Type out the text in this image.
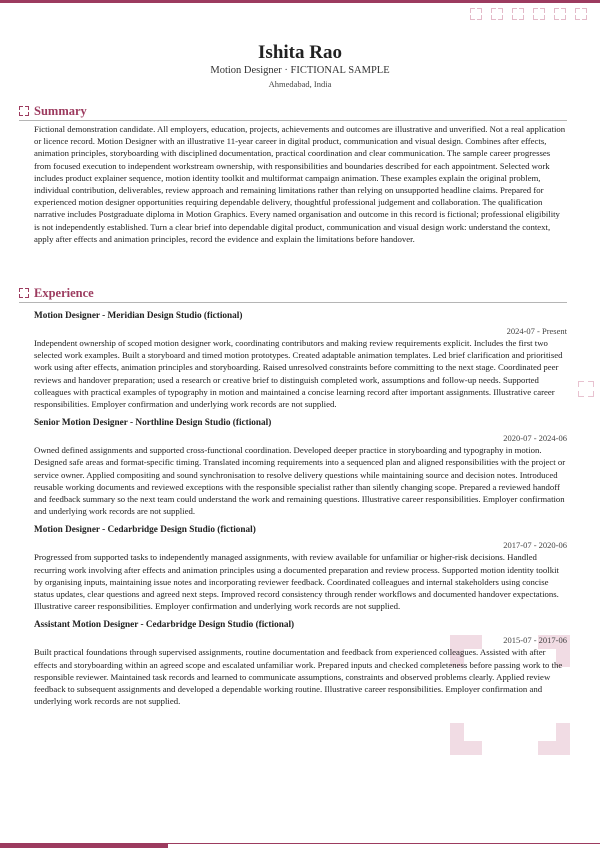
Ishita Rao
Motion Designer · FICTIONAL SAMPLE
Ahmedabad, India
Summary
Fictional demonstration candidate. All employers, education, projects, achievements and outcomes are illustrative and unverified. Not a real application or licence record. Motion Designer with an illustrative 11-year career in digital product, communication and visual design. Combines after effects, animation principles, storyboarding with disciplined documentation, practical coordination and clear communication. The sample career progresses from focused execution to independent workstream ownership, with responsibilities and boundaries described for each appointment. Selected work includes product explainer sequence, motion identity toolkit and multiformat campaign animation. These examples explain the original problem, individual contribution, deliverables, review approach and remaining limitations rather than relying on unsupported headline claims. Prepared for experienced motion designer opportunities requiring dependable delivery, thoughtful professional judgement and collaboration. The qualification narrative includes Postgraduate diploma in Motion Graphics. Every named organisation and outcome in this record is fictional; professional eligibility is not independently established. Turn a clear brief into dependable digital product, communication and visual design work: understand the context, apply after effects and animation principles, record the evidence and explain the limitations before handover.
Experience
Motion Designer - Meridian Design Studio (fictional)
2024-07 - Present
Independent ownership of scoped motion designer work, coordinating contributors and making review requirements explicit. Includes the first two selected work examples. Built a storyboard and timed motion prototypes. Created adaptable animation templates. Led brief clarification and prioritised work using after effects, animation principles and storyboarding. Raised unresolved constraints before committing to the next stage. Coordinated peer reviews and handover preparation; used a research or creative brief to distinguish completed work, assumptions and follow-up needs. Supported colleagues with practical examples of typography in motion and maintained a concise learning record after important assignments. Illustrative career responsibilities. Employer confirmation and underlying work records are not supplied.
Senior Motion Designer - Northline Design Studio (fictional)
2020-07 - 2024-06
Owned defined assignments and supported cross-functional coordination. Developed deeper practice in storyboarding and typography in motion. Designed safe areas and format-specific timing. Translated incoming requirements into a sequenced plan and aligned responsibilities with the project or service owner. Applied compositing and sound synchronisation to resolve delivery questions while maintaining source and decision notes. Introduced reusable working documents and reviewed exceptions with the responsible specialist rather than silently changing scope. Prepared a reviewed handoff and feedback summary so the next team could understand the work and remaining questions. Illustrative career responsibilities. Employer confirmation and underlying work records are not supplied.
Motion Designer - Cedarbridge Design Studio (fictional)
2017-07 - 2020-06
Progressed from supported tasks to independently managed assignments, with review available for unfamiliar or higher-risk decisions. Handled recurring work involving after effects and animation principles using a documented preparation and review process. Supported motion identity toolkit by organising inputs, maintaining issue notes and incorporating reviewer feedback. Coordinated colleagues and internal stakeholders using concise status updates, clear questions and agreed next steps. Improved record consistency through render workflows and documented handover expectations. Illustrative career responsibilities. Employer confirmation and underlying work records are not supplied.
Assistant Motion Designer - Cedarbridge Design Studio (fictional)
2015-07 - 2017-06
Built practical foundations through supervised assignments, routine documentation and feedback from experienced colleagues. Assisted with after effects and storyboarding within an agreed scope and escalated unfamiliar work. Prepared inputs and checked completeness before passing work to the responsible reviewer. Maintained task records and learned to communicate assumptions, constraints and observed problems clearly. Applied review feedback to subsequent assignments and developed a dependable working routine. Illustrative career responsibilities. Employer confirmation and underlying work records are not supplied.
